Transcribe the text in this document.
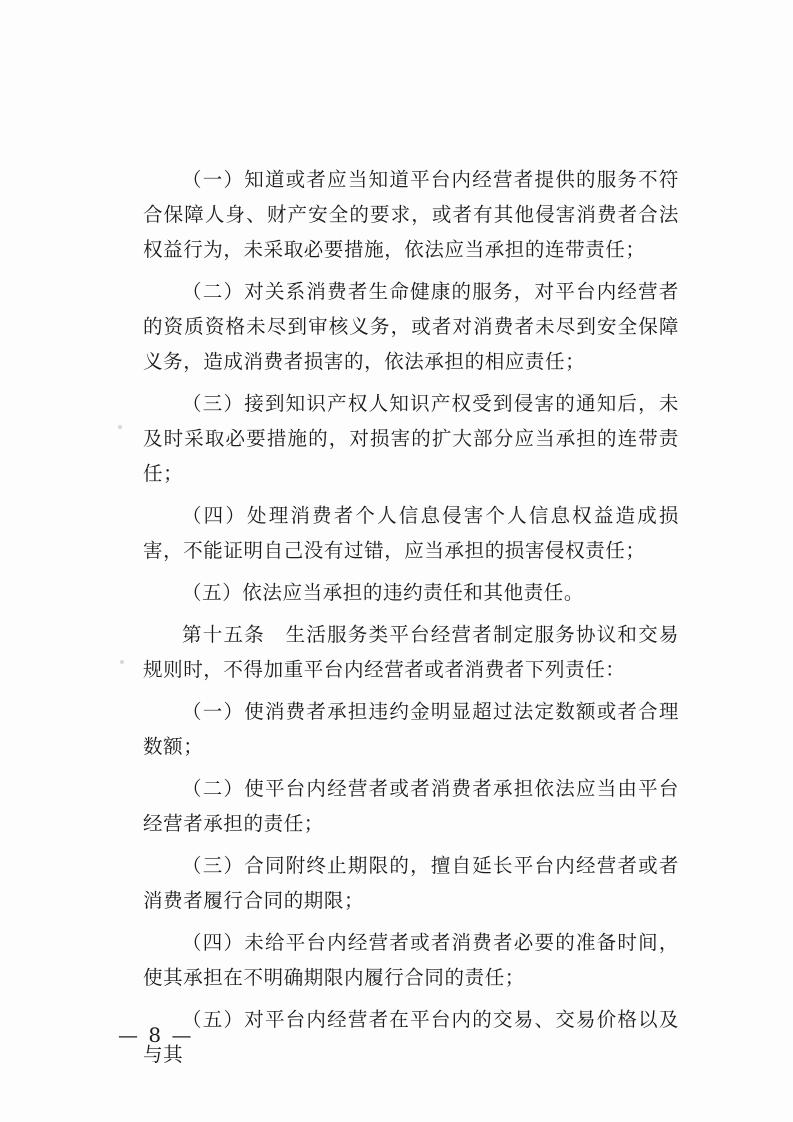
（一）知道或者应当知道平台内经营者提供的服务不符合保障人身、财产安全的要求，或者有其他侵害消费者合法权益行为，未采取必要措施，依法应当承担的连带责任；

（二）对关系消费者生命健康的服务，对平台内经营者的资质资格未尽到审核义务，或者对消费者未尽到安全保障义务，造成消费者损害的，依法承担的相应责任；

（三）接到知识产权人知识产权受到侵害的通知后，未及时采取必要措施的，对损害的扩大部分应当承担的连带责任；

（四）处理消费者个人信息侵害个人信息权益造成损害，不能证明自己没有过错，应当承担的损害侵权责任；

（五）依法应当承担的违约责任和其他责任。

第十五条　生活服务类平台经营者制定服务协议和交易规则时，不得加重平台内经营者或者消费者下列责任：

（一）使消费者承担违约金明显超过法定数额或者合理数额；

（二）使平台内经营者或者消费者承担依法应当由平台经营者承担的责任；

（三）合同附终止期限的，擅自延长平台内经营者或者消费者履行合同的期限；

（四）未给平台内经营者或者消费者必要的准备时间，使其承担在不明确期限内履行合同的责任；

（五）对平台内经营者在平台内的交易、交易价格以及与其

— 8 —
